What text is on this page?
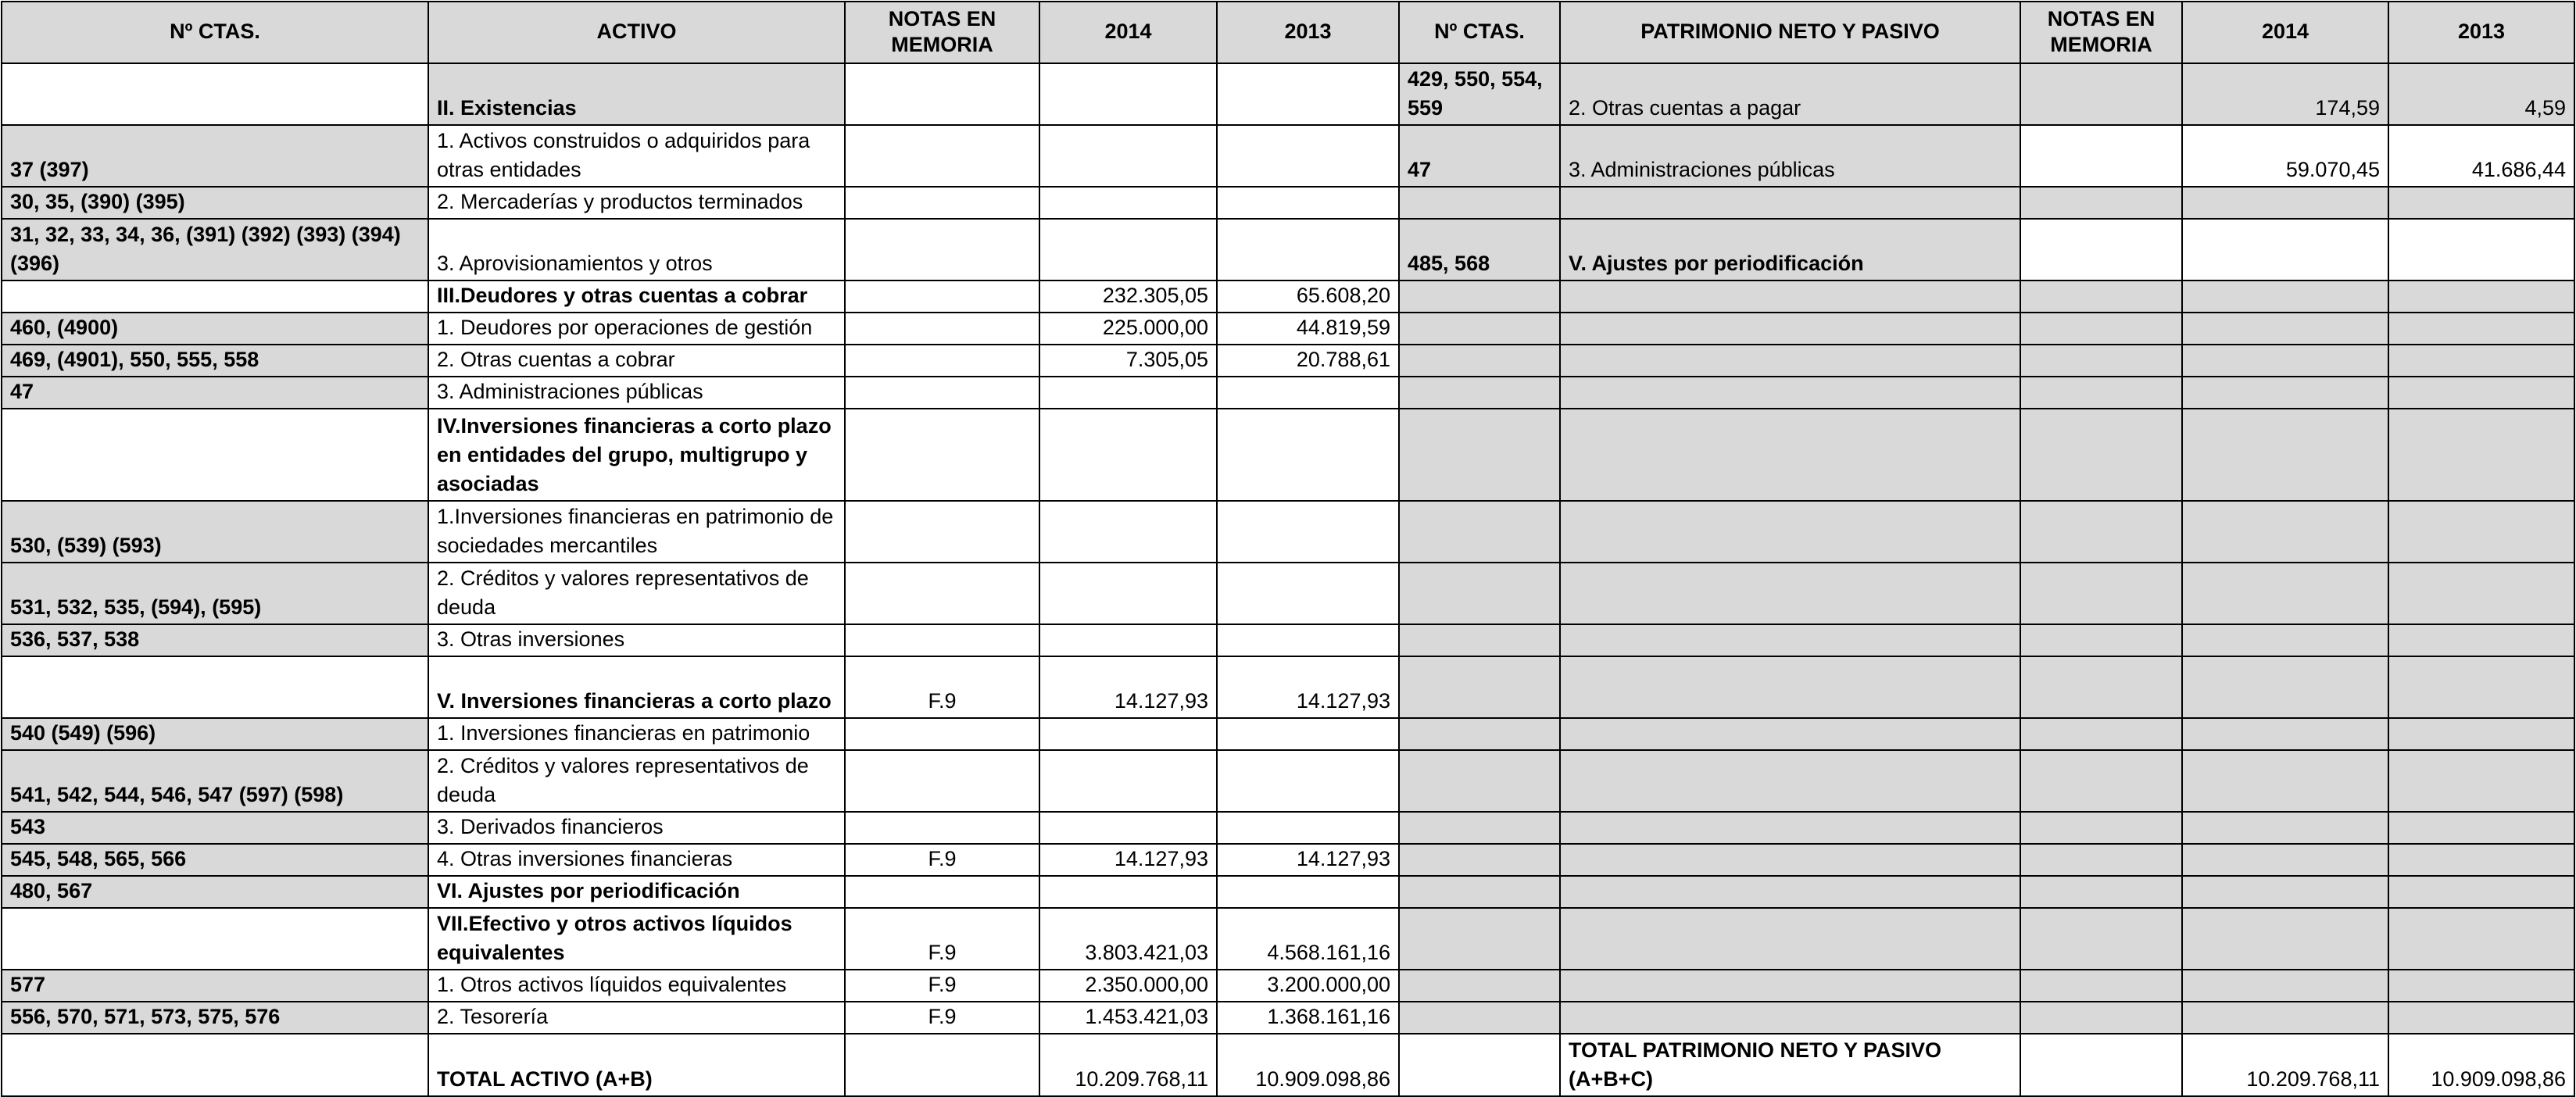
Nº CTAS.	ACTIVO	NOTAS EN MEMORIA	2014	2013	Nº CTAS.	PATRIMONIO NETO Y PASIVO	NOTAS EN MEMORIA	2014	2013
	II. Existencias				429, 550, 554, 559	2. Otras cuentas a pagar		174,59	4,59
37 (397)	1. Activos construidos o adquiridos para otras entidades				47	3. Administraciones públicas		59.070,45	41.686,44
30, 35, (390) (395)	2. Mercaderías y productos terminados								
31, 32, 33, 34, 36, (391) (392) (393) (394) (396)	3. Aprovisionamientos y otros				485, 568	V. Ajustes por periodificación			
	III.Deudores y otras cuentas a cobrar		232.305,05	65.608,20					
460, (4900)	1. Deudores por operaciones de gestión		225.000,00	44.819,59					
469, (4901), 550, 555, 558	2. Otras cuentas a cobrar		7.305,05	20.788,61					
47	3. Administraciones públicas								
	IV.Inversiones financieras a corto plazo en entidades del grupo, multigrupo y asociadas								
530, (539) (593)	1.Inversiones financieras en patrimonio de sociedades mercantiles								
531, 532, 535, (594), (595)	2. Créditos y valores representativos de deuda								
536, 537, 538	3. Otras inversiones								
	V. Inversiones financieras a corto plazo	F.9	14.127,93	14.127,93					
540 (549) (596)	1. Inversiones financieras en patrimonio								
541, 542, 544, 546, 547 (597) (598)	2. Créditos y valores representativos de deuda								
543	3. Derivados financieros								
545, 548, 565, 566	4. Otras inversiones financieras	F.9	14.127,93	14.127,93					
480, 567	VI. Ajustes por periodificación								
	VII.Efectivo y otros activos líquidos equivalentes	F.9	3.803.421,03	4.568.161,16					
577	1. Otros activos líquidos equivalentes	F.9	2.350.000,00	3.200.000,00					
556, 570, 571, 573, 575, 576	2. Tesorería	F.9	1.453.421,03	1.368.161,16					
	TOTAL ACTIVO (A+B)		10.209.768,11	10.909.098,86		TOTAL PATRIMONIO NETO Y PASIVO (A+B+C)		10.209.768,11	10.909.098,86
